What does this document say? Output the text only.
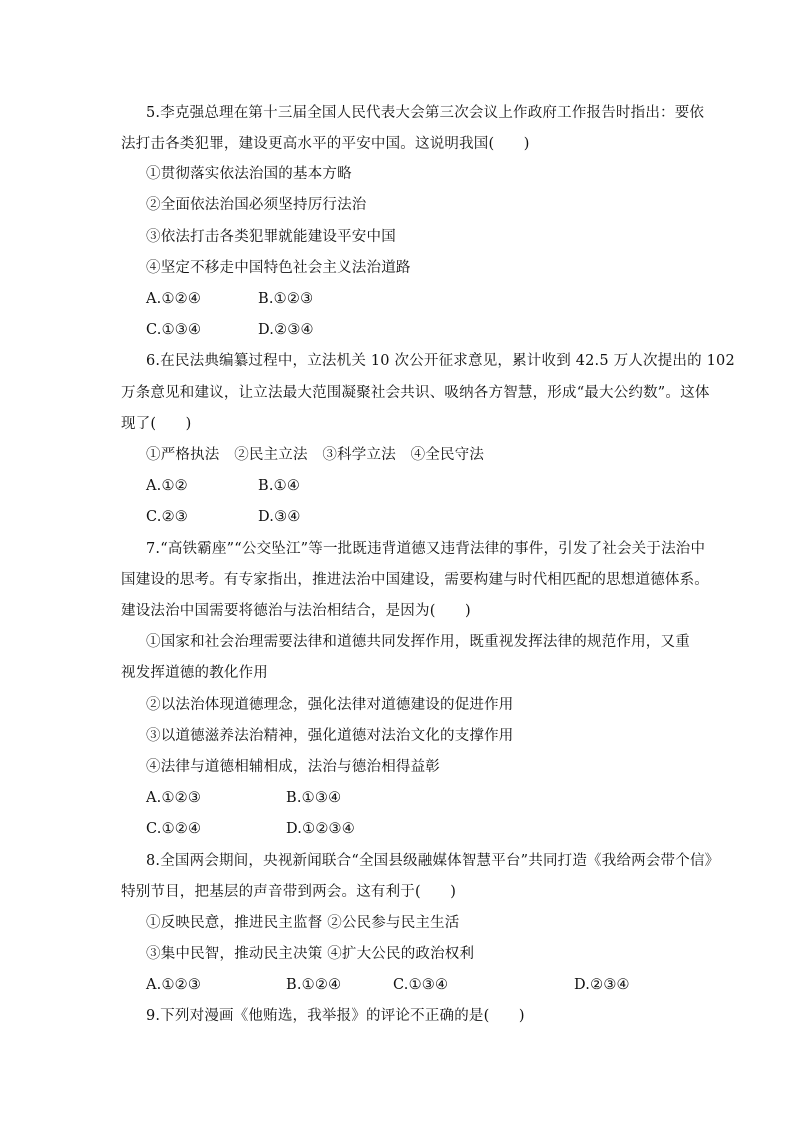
5.李克强总理在第十三届全国人民代表大会第三次会议上作政府工作报告时指出：要依
法打击各类犯罪，建设更高水平的平安中国。这说明我国(　　)
①贯彻落实依法治国的基本方略
②全面依法治国必须坚持厉行法治
③依法打击各类犯罪就能建设平安中国
④坚定不移走中国特色社会主义法治道路
A.①②④	B.①②③
C.①③④	D.②③④
6.在民法典编纂过程中，立法机关 10 次公开征求意见，累计收到 42.5 万人次提出的 102
万条意见和建议，让立法最大范围凝聚社会共识、吸纳各方智慧，形成“最大公约数”。这体
现了(　　)
①严格执法　②民主立法　③科学立法　④全民守法
A.①②	B.①④
C.②③	D.③④
7.“高铁霸座”“公交坠江”等一批既违背道德又违背法律的事件，引发了社会关于法治中
国建设的思考。有专家指出，推进法治中国建设，需要构建与时代相匹配的思想道德体系。
建设法治中国需要将德治与法治相结合，是因为(　　)
①国家和社会治理需要法律和道德共同发挥作用，既重视发挥法律的规范作用，又重
视发挥道德的教化作用
②以法治体现道德理念，强化法律对道德建设的促进作用
③以道德滋养法治精神，强化道德对法治文化的支撑作用
④法律与道德相辅相成，法治与德治相得益彰
A.①②③	B.①③④
C.①②④	D.①②③④
8.全国两会期间，央视新闻联合“全国县级融媒体智慧平台”共同打造《我给两会带个信》
特别节目，把基层的声音带到两会。这有利于(　　)
①反映民意，推进民主监督 ②公民参与民主生活
③集中民智，推动民主决策 ④扩大公民的政治权利
A.①②③	B.①②④	C.①③④	D.②③④
9.下列对漫画《他贿选，我举报》的评论不正确的是(　　)
